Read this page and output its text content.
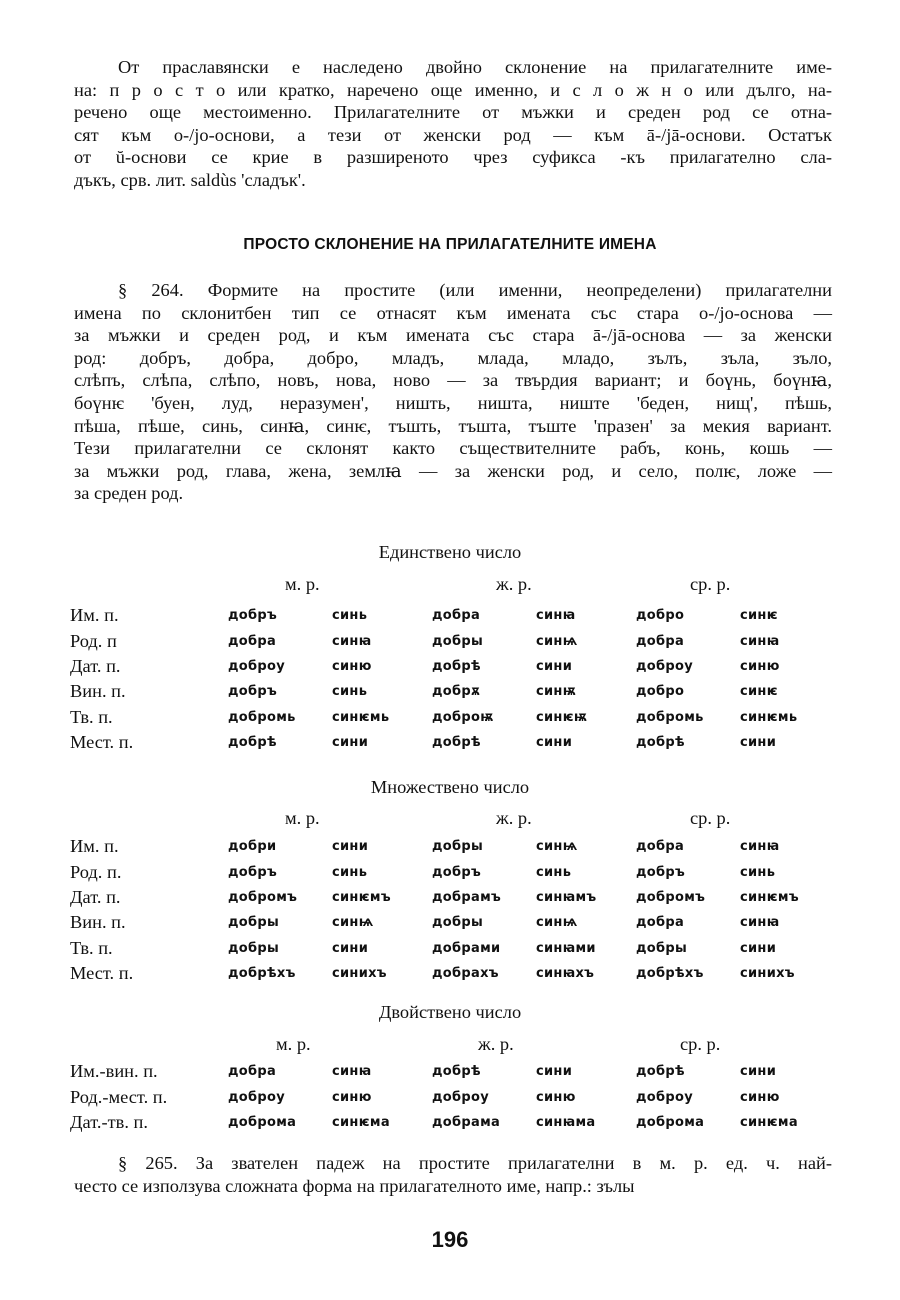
От праславянски е наследено двойно склонение на прилагателните име-
на: п р о с т о или кратко, наречено още именно, и с л о ж н о или дълго, на-
речено още местоименно. Прилагателните от мъжки и среден род се отна-
сят към o-/jo-основи, а тези от женски род — към ā-/jā-основи. Остатък
от ŭ-основи се крие в разширеното чрез суфикса -къ прилагателно сла-
дъкъ, срв. лит. saldùs 'сладък'.
ПРОСТО СКЛОНЕНИЕ НА ПРИЛАГАТЕЛНИТЕ ИМЕНА
§ 264. Формите на простите (или именни, неопределени) прилагателни
имена по склонитбен тип се отнасят към имената със стара o-/jo-основа —
за мъжки и среден род, и към имената със стара ā-/jā-основа — за женски
род: добръ, добра, добро, младъ, млада, младо, зълъ, зъла, зъло,
слѣпъ, слѣпа, слѣпо, новъ, нова, ново — за твърдия вариант; и боүнь, боүнꙗ,
боүнѥ 'буен, луд, неразумен', ништь, ништа, ниште 'беден, нищ', пѣшь,
пѣша, пѣше, синь, синꙗ, синѥ, тъшть, тъшта, тъште 'празен' за мекия вариант.
Тези прилагателни се склонят както съществителните рабъ, конь, кошь —
за мъжки род, глава, жена, землꙗ — за женски род, и село, полѥ, ложе —
за среден род.
Единствено число
м. р.	ж. р.	ср. р.
Им. п.	добръ	синь	добра	синꙗ	добро	синѥ
Род. п	добра	синꙗ	добры	синѩ	добра	синꙗ
Дат. п.	доброу	синю	добрѣ	сини	доброу	синю
Вин. п.	добръ	синь	добрѫ	синѭ	добро	синѥ
Тв. п.	добромь	синѥмь	доброѭ	синѥѭ	добромь	синѥмь
Мест. п.	добрѣ	сини	добрѣ	сини	добрѣ	сини
Множествено число
м. р.	ж. р.	ср. р.
Им. п.	добри	сини	добры	синѩ	добра	синꙗ
Род. п.	добръ	синь	добръ	синь	добръ	синь
Дат. п.	добромъ	синѥмъ	добрамъ	синꙗмъ	добромъ	синѥмъ
Вин. п.	добры	синѩ	добры	синѩ	добра	синꙗ
Тв. п.	добры	сини	добрами	синꙗми	добры	сини
Мест. п.	добрѣхъ	синихъ	добрахъ	синꙗхъ	добрѣхъ	синихъ
Двойствено число
м. р.	ж. р.	ср. р.
Им.-вин. п.	добра	синꙗ	добрѣ	сини	добрѣ	сини
Род.-мест. п.	доброу	синю	доброу	синю	доброу	синю
Дат.-тв. п.	доброма	синѥма	добрама	синꙗма	доброма	синѥма
§ 265. За звателен падеж на простите прилагателни в м. р. ед. ч. най-
често се използува сложната форма на прилагателното име, напр.: зълы
196
